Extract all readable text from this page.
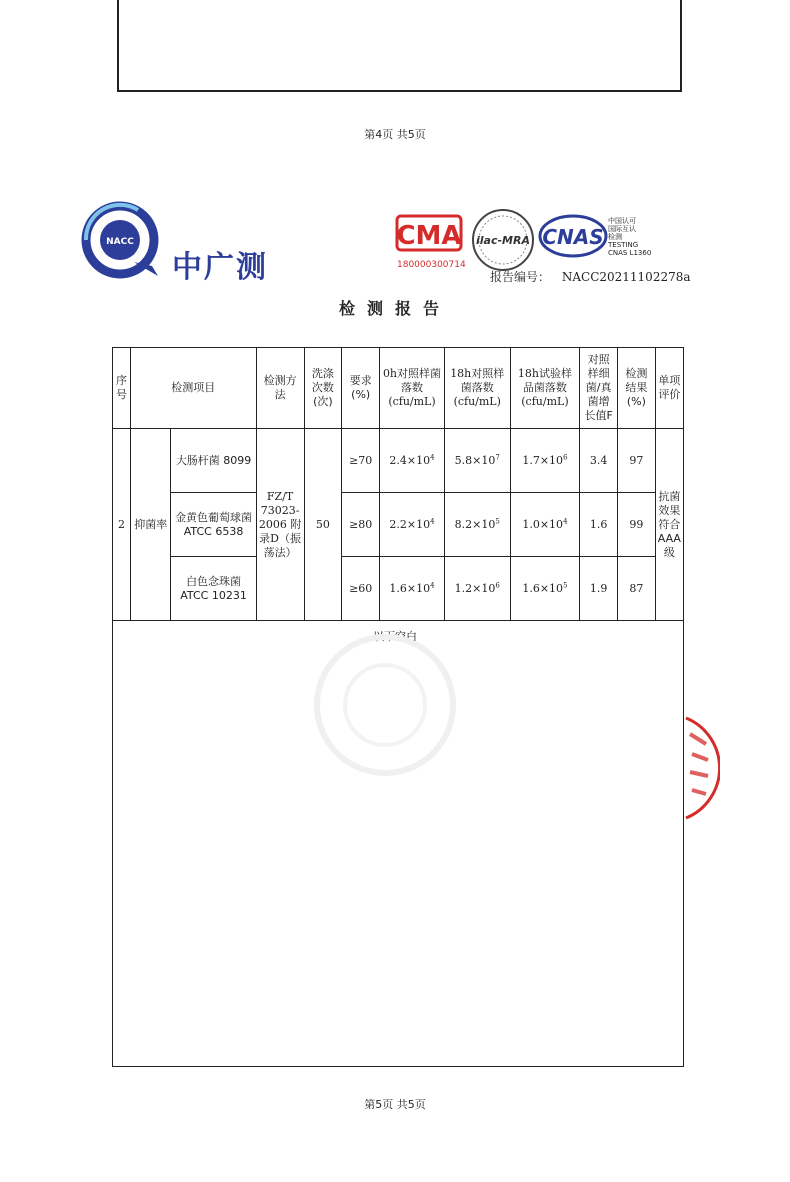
第4页 共5页
NACC
中广测
CMA
180000300714
ilac-MRA CNAS
中国认可
国际互认
检测
TESTING
CNAS L1360
报告编号： NACC20211102278a
检测报告
序号	检测项目		检测方法	洗涤次数(次)	要求(%)	0h对照样菌落数(cfu/mL)	18h对照样菌落数(cfu/mL)	18h试验样品菌落数(cfu/mL)	对照样细菌/真菌增长值F	检测结果(%)	单项评价
2	抑菌率	大肠杆菌 8099	FZ/T 73023-2006 附录D（振荡法）	50	≥70	$2.4\times 10^4$	$5.8\times 10^7$	$1.7\times 10^6$	3.4	97	抗菌效果符合AAA级
		金黄色葡萄球菌 ATCC 6538			≥80	$2.2\times 10^4$	$8.2\times 10^5$	$1.0\times 10^4$	1.6	99	
		白色念珠菌 ATCC 10231			≥60	$1.6\times 10^4$	$1.2\times 10^6$	$1.6\times 10^5$	1.9	87	
以下空白
第5页 共5页
